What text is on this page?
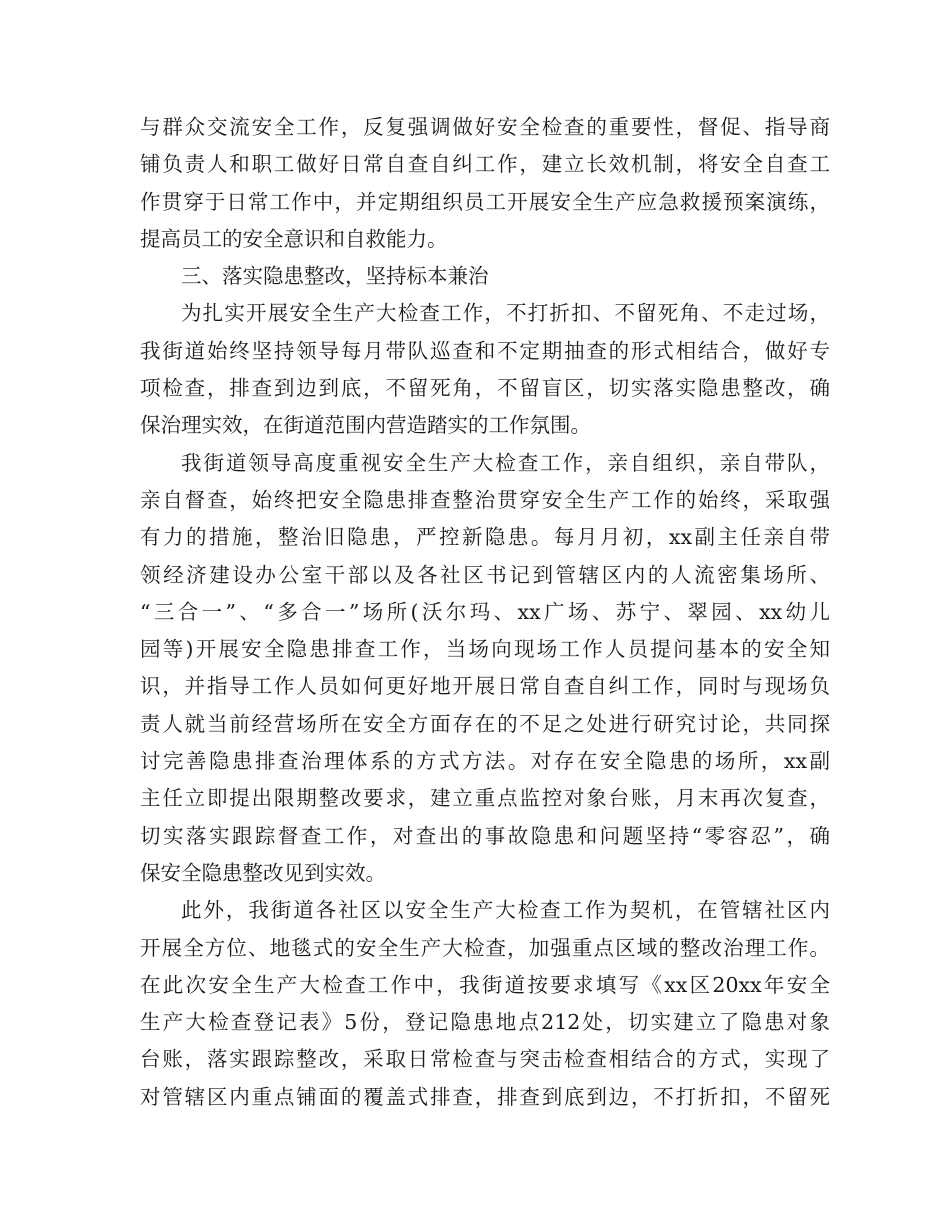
与群众交流安全工作，反复强调做好安全检查的重要性，督促、指导商
铺负责人和职工做好日常自查自纠工作，建立长效机制，将安全自查工
作贯穿于日常工作中，并定期组织员工开展安全生产应急救援预案演练，
提高员工的安全意识和自救能力。
三、落实隐患整改，坚持标本兼治
为扎实开展安全生产大检查工作，不打折扣、不留死角、不走过场，
我街道始终坚持领导每月带队巡查和不定期抽查的形式相结合，做好专
项检查，排查到边到底，不留死角，不留盲区，切实落实隐患整改，确
保治理实效，在街道范围内营造踏实的工作氛围。
我街道领导高度重视安全生产大检查工作，亲自组织，亲自带队，
亲自督查，始终把安全隐患排查整治贯穿安全生产工作的始终，采取强
有力的措施，整治旧隐患，严控新隐患。每月月初，xx副主任亲自带
领经济建设办公室干部以及各社区书记到管辖区内的人流密集场所、
“三合一”、“多合一”场所(沃尔玛、xx广场、苏宁、翠园、xx幼儿
园等)开展安全隐患排查工作，当场向现场工作人员提问基本的安全知
识，并指导工作人员如何更好地开展日常自查自纠工作，同时与现场负
责人就当前经营场所在安全方面存在的不足之处进行研究讨论，共同探
讨完善隐患排查治理体系的方式方法。对存在安全隐患的场所，xx副
主任立即提出限期整改要求，建立重点监控对象台账，月末再次复查，
切实落实跟踪督查工作，对查出的事故隐患和问题坚持“零容忍”，确
保安全隐患整改见到实效。
此外，我街道各社区以安全生产大检查工作为契机，在管辖社区内
开展全方位、地毯式的安全生产大检查，加强重点区域的整改治理工作。
在此次安全生产大检查工作中，我街道按要求填写《xx区20xx年安全
生产大检查登记表》5份，登记隐患地点212处，切实建立了隐患对象
台账，落实跟踪整改，采取日常检查与突击检查相结合的方式，实现了
对管辖区内重点铺面的覆盖式排查，排查到底到边，不打折扣，不留死
